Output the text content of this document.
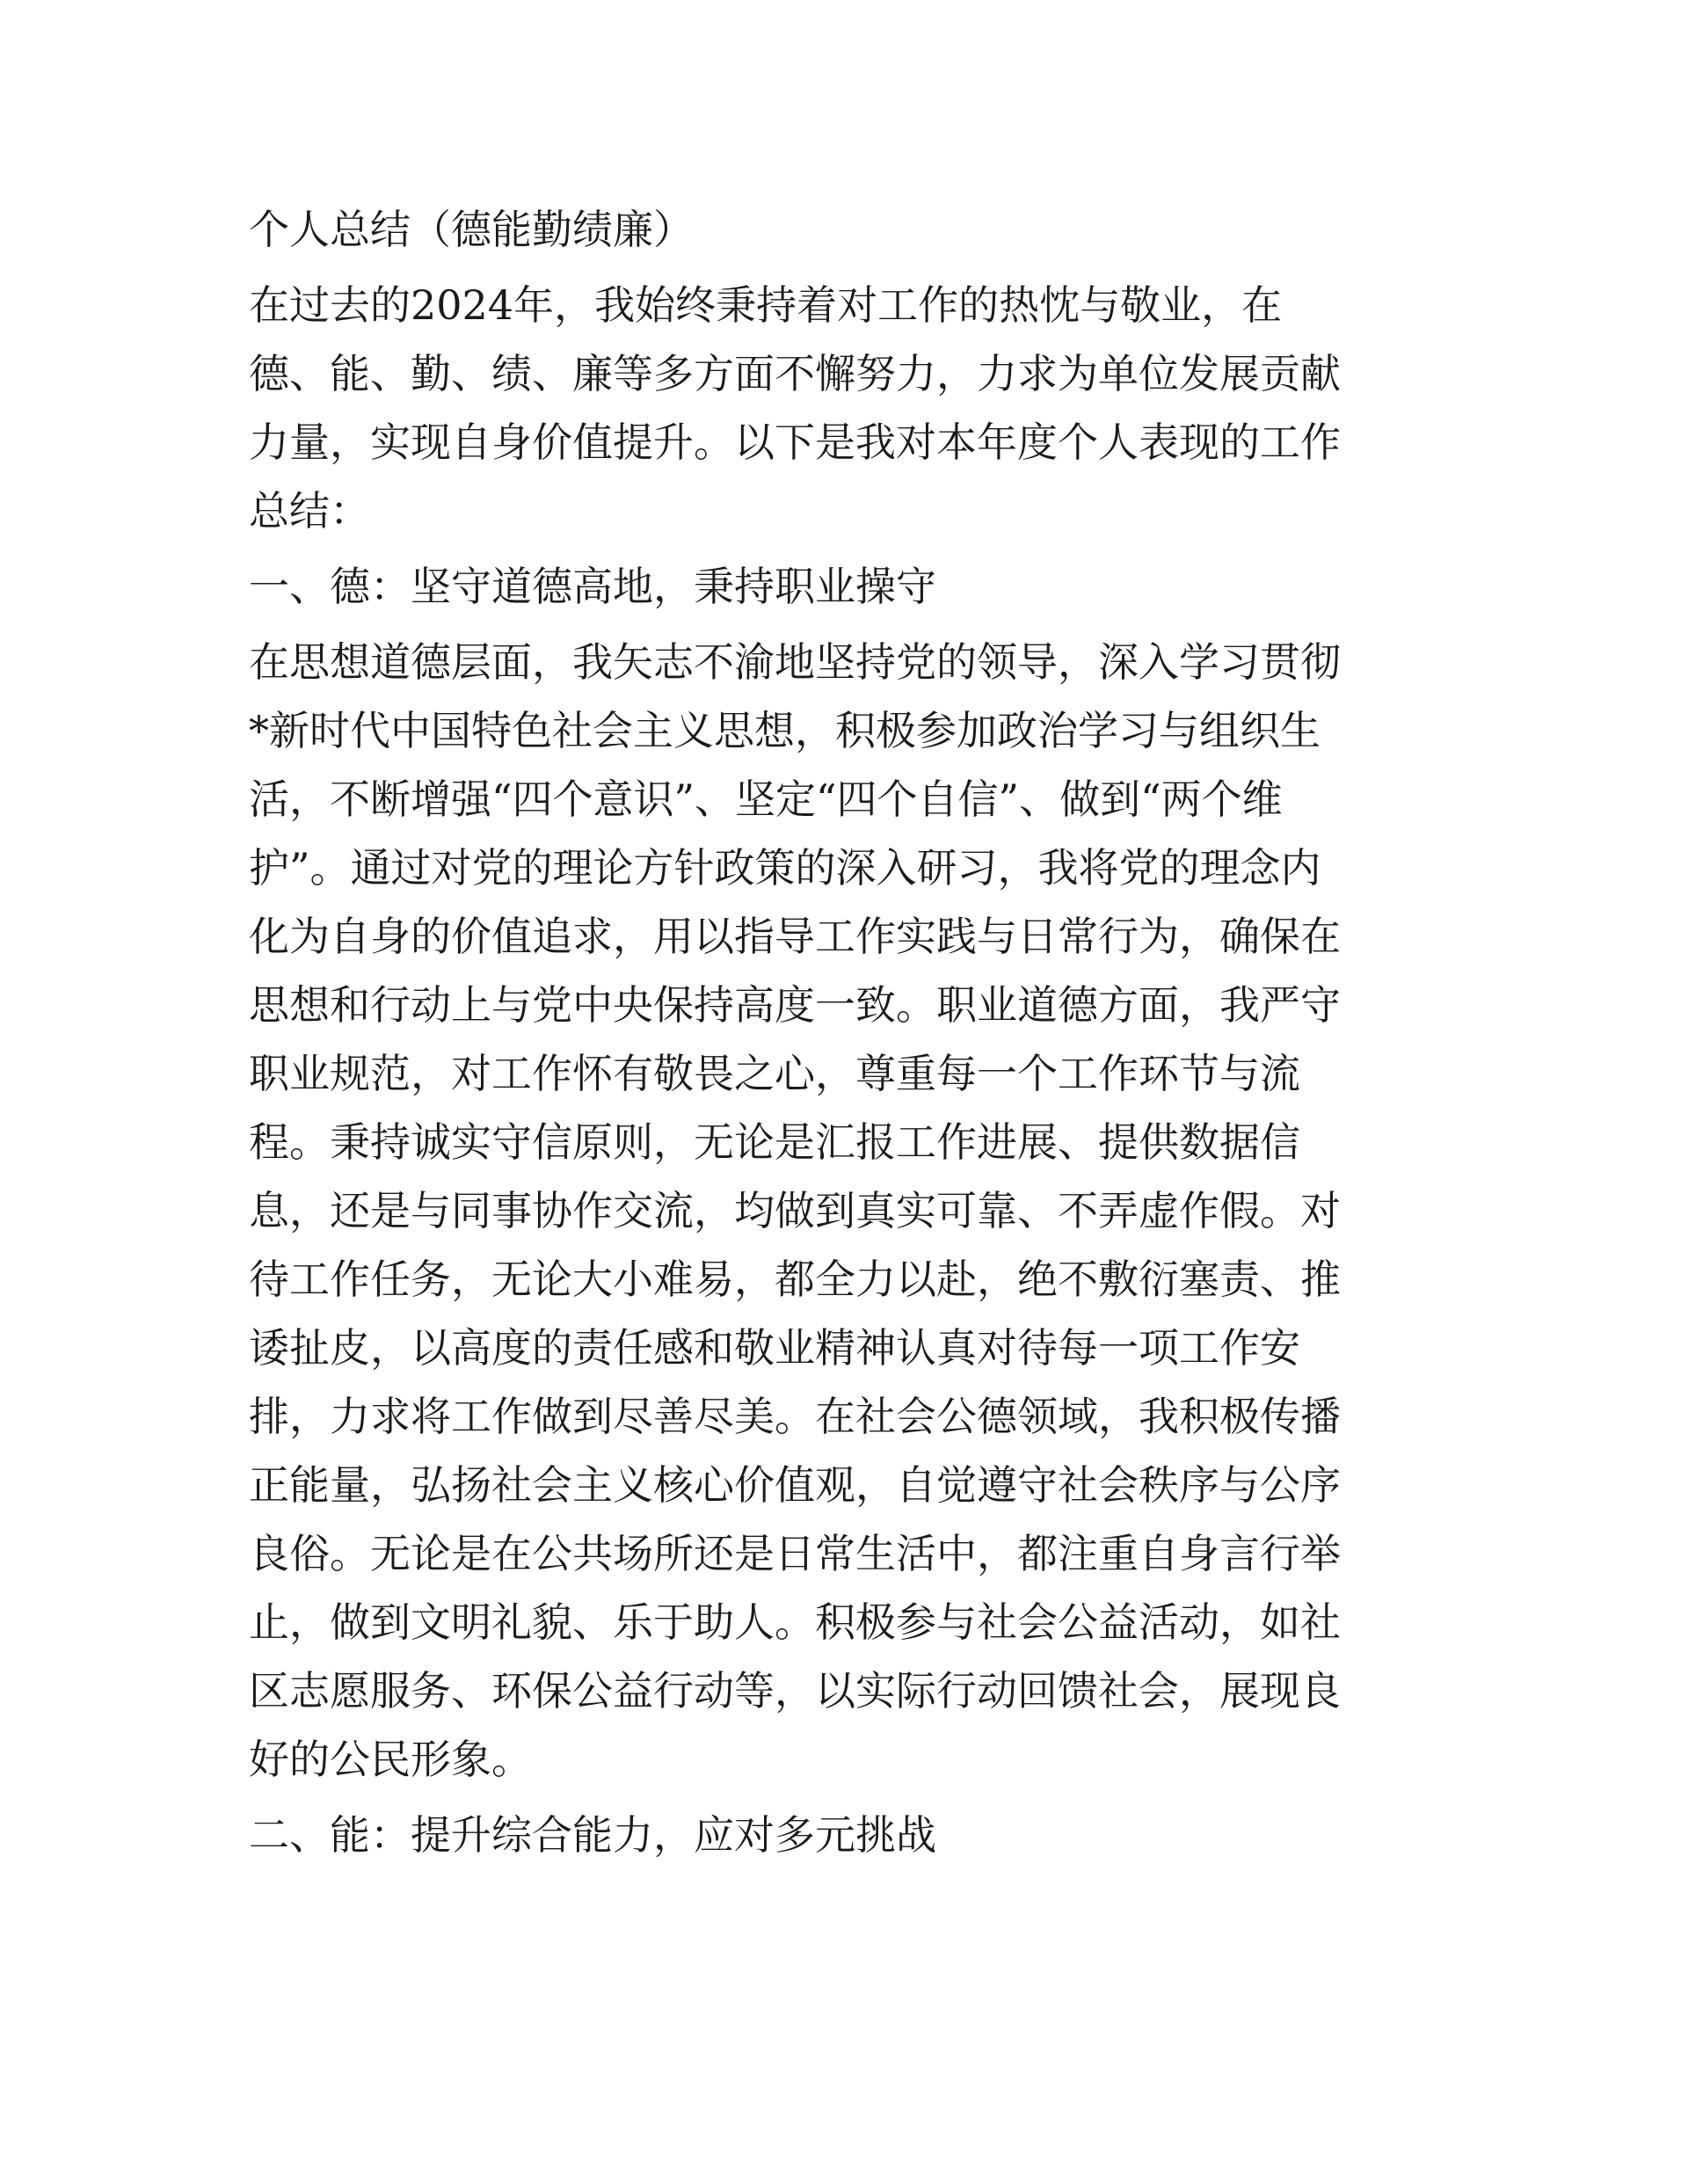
个人总结（德能勤绩廉）
在过去的2024年，我始终秉持着对工作的热忱与敬业，在
德、能、勤、绩、廉等多方面不懈努力，力求为单位发展贡献
力量，实现自身价值提升。以下是我对本年度个人表现的工作
总结：
一、德：坚守道德高地，秉持职业操守
在思想道德层面，我矢志不渝地坚持党的领导，深入学习贯彻
*新时代中国特色社会主义思想，积极参加政治学习与组织生
活，不断增强“四个意识”、坚定“四个自信”、做到“两个维
护”。通过对党的理论方针政策的深入研习，我将党的理念内
化为自身的价值追求，用以指导工作实践与日常行为，确保在
思想和行动上与党中央保持高度一致。职业道德方面，我严守
职业规范，对工作怀有敬畏之心，尊重每一个工作环节与流
程。秉持诚实守信原则，无论是汇报工作进展、提供数据信
息，还是与同事协作交流，均做到真实可靠、不弄虚作假。对
待工作任务，无论大小难易，都全力以赴，绝不敷衍塞责、推
诿扯皮，以高度的责任感和敬业精神认真对待每一项工作安
排，力求将工作做到尽善尽美。在社会公德领域，我积极传播
正能量，弘扬社会主义核心价值观，自觉遵守社会秩序与公序
良俗。无论是在公共场所还是日常生活中，都注重自身言行举
止，做到文明礼貌、乐于助人。积极参与社会公益活动，如社
区志愿服务、环保公益行动等，以实际行动回馈社会，展现良
好的公民形象。
二、能：提升综合能力，应对多元挑战
